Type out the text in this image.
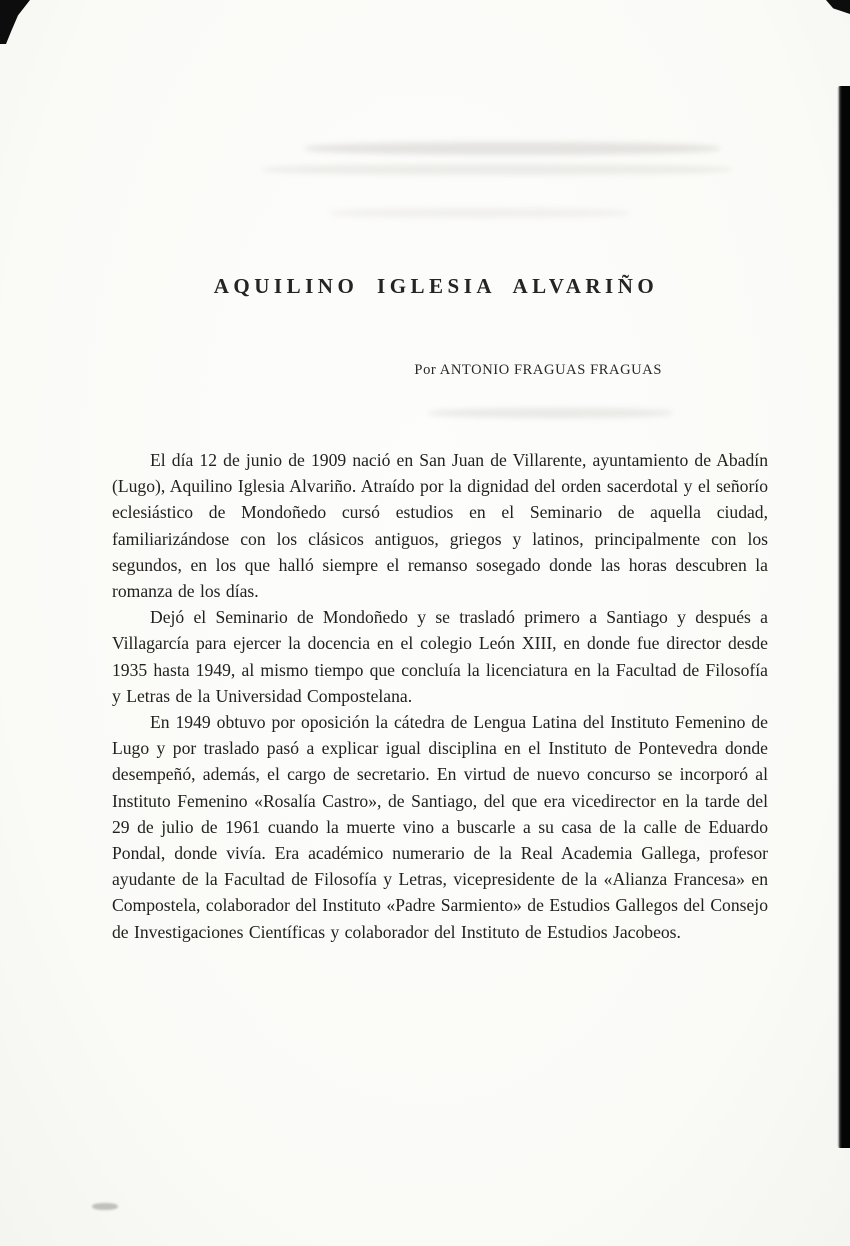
AQUILINO IGLESIA ALVARIÑO

Por ANTONIO FRAGUAS FRAGUAS

El día 12 de junio de 1909 nació en San Juan de Villarente, ayuntamiento de Abadín (Lugo), Aquilino Iglesia Alvariño. Atraído por la dignidad del orden sacerdotal y el señorío eclesiástico de Mondoñedo cursó estudios en el Seminario de aquella ciudad, familiarizándose con los clásicos antiguos, griegos y latinos, principalmente con los segundos, en los que halló siempre el remanso sosegado donde las horas descubren la romanza de los días.

Dejó el Seminario de Mondoñedo y se trasladó primero a Santiago y después a Villagarcía para ejercer la docencia en el colegio León XIII, en donde fue director desde 1935 hasta 1949, al mismo tiempo que concluía la licenciatura en la Facultad de Filosofía y Letras de la Universidad Compostelana.

En 1949 obtuvo por oposición la cátedra de Lengua Latina del Instituto Femenino de Lugo y por traslado pasó a explicar igual disciplina en el Instituto de Pontevedra donde desempeñó, además, el cargo de secretario. En virtud de nuevo concurso se incorporó al Instituto Femenino «Rosalía Castro», de Santiago, del que era vicedirector en la tarde del 29 de julio de 1961 cuando la muerte vino a buscarle a su casa de la calle de Eduardo Pondal, donde vivía. Era académico numerario de la Real Academia Gallega, profesor ayudante de la Facultad de Filosofía y Letras, vicepresidente de la «Alianza Francesa» en Compostela, colaborador del Instituto «Padre Sarmiento» de Estudios Gallegos del Consejo de Investigaciones Científicas y colaborador del Instituto de Estudios Jacobeos.
